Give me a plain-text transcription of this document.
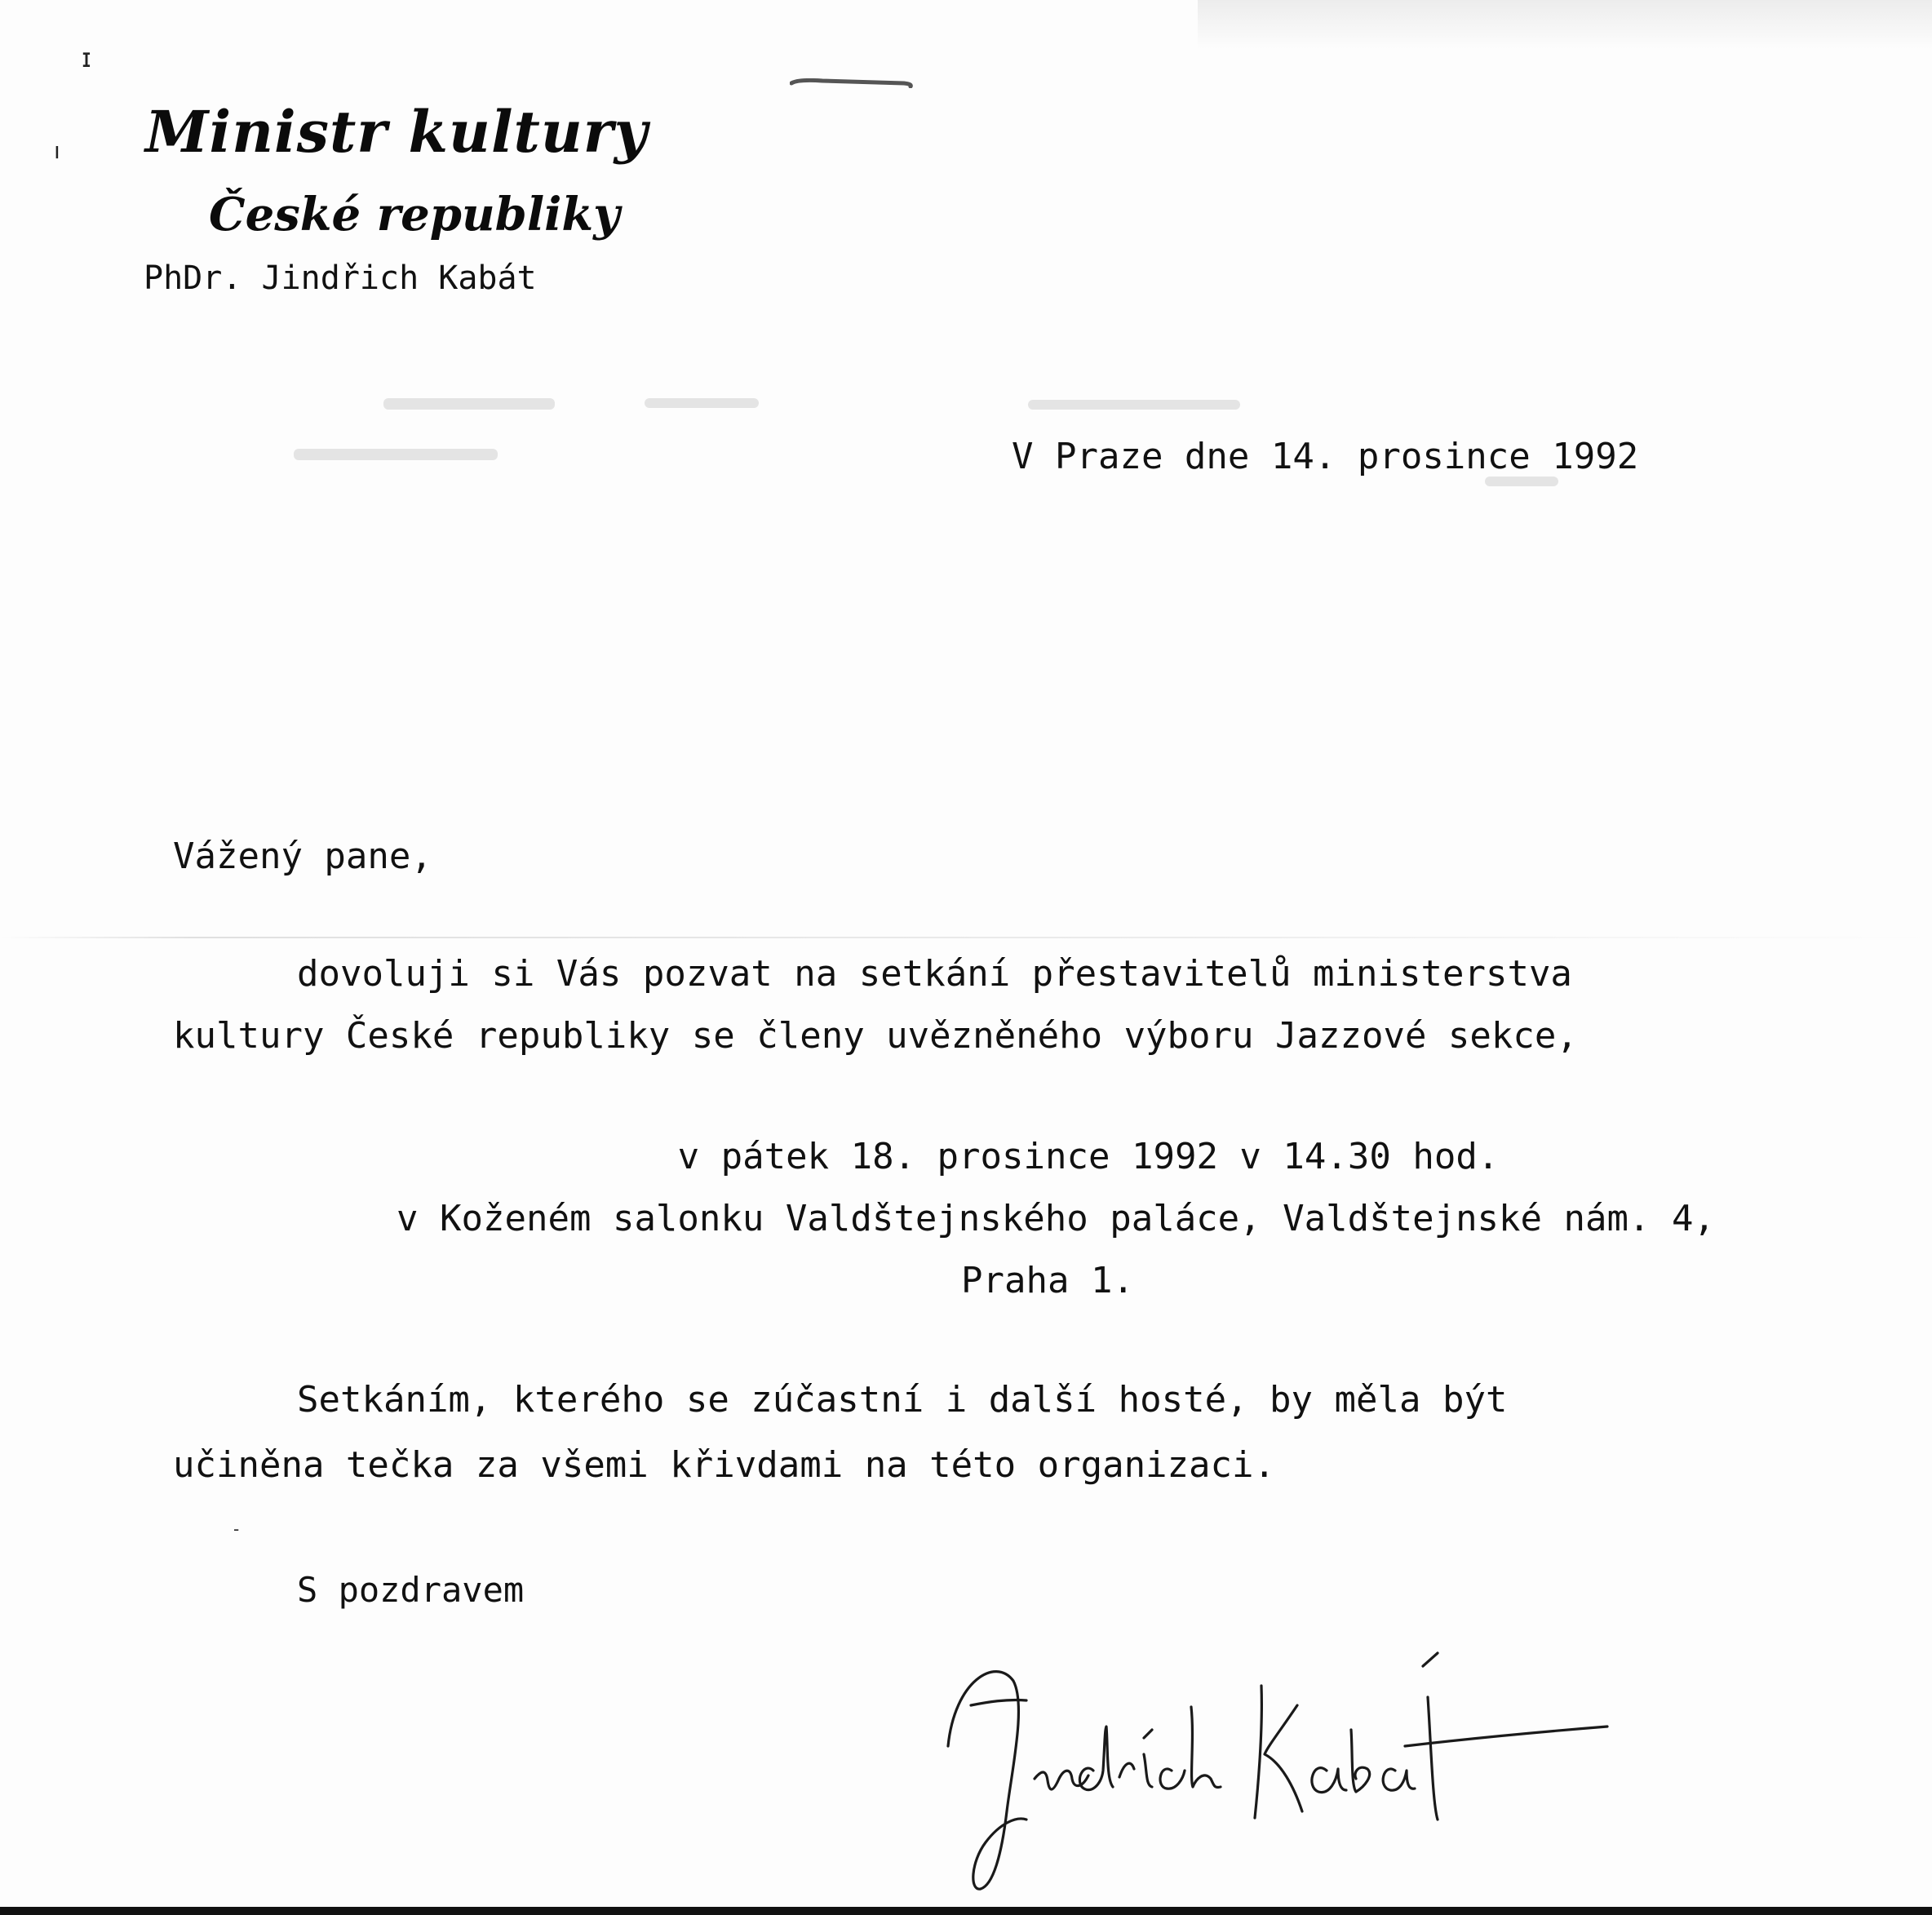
ɪ
ı Ministr kultury
České republiky
PhDr. Jindřich Kabát
V Praze dne 14. prosince 1992
Vážený pane,
dovoluji si Vás pozvat na setkání přestavitelů ministerstva
kultury České republiky se členy uvězněného výboru Jazzové sekce,
v pátek 18. prosince 1992 v 14.30 hod.
v Koženém salonku Valdštejnského paláce, Valdštejnské nám. 4,
Praha 1.
Setkáním, kterého se zúčastní i další hosté, by měla být
učiněna tečka za všemi křivdami na této organizaci.
S pozdravem
-
